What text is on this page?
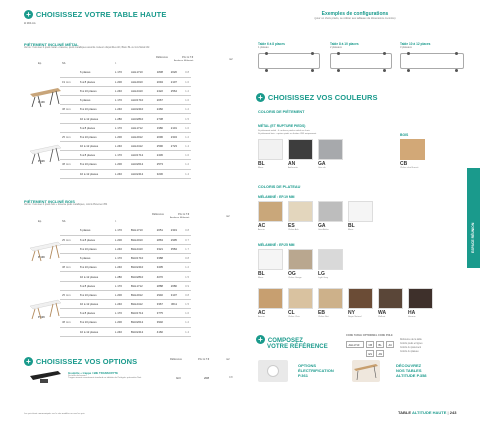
+ CHOISISSEZ VOTRE TABLE HAUTE
H 104 cm
Exemples de configurations
(pour un choix précis, se référer aux tableaux de dimensions ci-contre)
Table 6 à 8 places
1 plateau
Table 8 à 10 places
2 plateaux
Table 10 à 12 places
3 plateaux
PIÉTEMENT INCLINÉ MÉTAL
Verrou : livré avec 4 pieds métal + traverse, pieds métalliques assortis couleurs disponibles AN, Blanc BL ou Gris Métal GM
Référence	Prix H.T.€
Acodecor Mélaminé	m2
Ep.	Nb.	l.
	6 places	L 170	AHL1710	1838	2020	0.8
19 mm	6 à 8 places	L 200	AHL2010	2094	2107	1.0
	8 à 10 places	L 240	AHL2410	2422	2564	1.2
	6 places	L 170	AHU1710	2067		1.0
38 mm	8 à 10 places	L 240	AHU2410	2460		1.2
	10 à 12 places	L 280	AHU2810	2738		1.5
	6 à 8 places	L 170	AHL1712	1980	2101	1.0
25 mm	8 à 10 places	L 200	AHL2012	2096	2334	1.2
	10 à 12 places	L 240	AHL2412	2590	2723	1.4
	6 à 8 places	L 170	AHU1712	2436		1.0
38 mm	8 à 10 places	L 200	AHU2012	2573		1.2
	10 à 12 places	L 240	AHU2412	3230		1.4
P 100
P 120
PIÉTEMENT INCLINÉ BOIS
Verrou : livré avec 4 pieds bois + traverse pieds métalliques, coloris Piètement BS
Référence	Prix H.T.€
Acodecor Mélaminé	m2
Ep.	Nb.	l.
	6 places	L 170	BHL1710	2051	2319	0.8
25 mm	6 à 8 places	L 200	BHL2010	2863	2995	0.7
	8 à 10 places	L 240	BHL2410	3321	3584	1.7
	6 places	L 170	BHU1710	3388		0.8
38 mm	8 à 10 places	L 240	BHU2410	3405		1.2
	10 à 12 places	L 280	BHU2810	4070		1.5
	6 à 8 places	L 170	BHL1712	2888	2680	0.9
25 mm	8 à 10 places	L 200	BHL2012	2940	3107	0.8
	10 à 12 places	L 240	BHL2412	3367	3611	1.5
	6 à 8 places	L 170	BHU1712	3775		1.0
38 mm	8 à 10 places	L 200	BHU2012	3902		1.2
	10 à 12 places	L 240	BHU2412	4160		1.4
P 100
P 120
+ CHOISISSEZ VOS COULEURS
COLORIS DE PIÉTEMENT
MÉTAL (ET RUPTURE PIEDS)
Si piétement métal : 4 couleurs piedss métal au choix
Si piétement bois : rupture pieds en finition CB5 uniquement	BOIS
BL
Blanc
AN
Anthracite
GA
Gris alu
CB
Chêne clair Brossé
COLORIS DE PLATEAU
MÉLAMINÉ : EP.19 MM
AC
Acacia
ES
Chêne Ash
GA
Gris Atelier
BL
Blanc
MÉLAMINÉ : EP.25 MM
BL
Blanc
OG
Chêne Greige
LG
Light Grey
AC
Acacia
CL
Chêne Clair
EB
Chêne Nat
NY
Noyer Naturel
WA
Wallnut
HA
Havane
ESPACE RÉUNION
+ COMPOSEZ
VOTRE RÉFÉRENCE
CODE TABLE OPTIONNEL CODE POLE
AHL1710	CB	BL	AC
ES	AN
Référence de la table
Coloris pieds et lignes
Coloris du piètement
Coloris du plateau
+ CHOISISSEZ VOS OPTIONS	Référence	Prix H.T.€	m2
Goulotte + trappe / BIE TRANSCRYTE
De taille de bureau
Trappe aimant assortiment standard ou tablette de l'Intégrés présentée Nuit	GO	208	0.8
OPTIONS
ÉLECTRIFICATION
P.361
DÉCOUVREZ
NOS TABLES
ALTITUDE P.358
Les prix étant communiqués sur le site modifier ou non les prix	TABLE ALTITUDE HAUTE | 243
